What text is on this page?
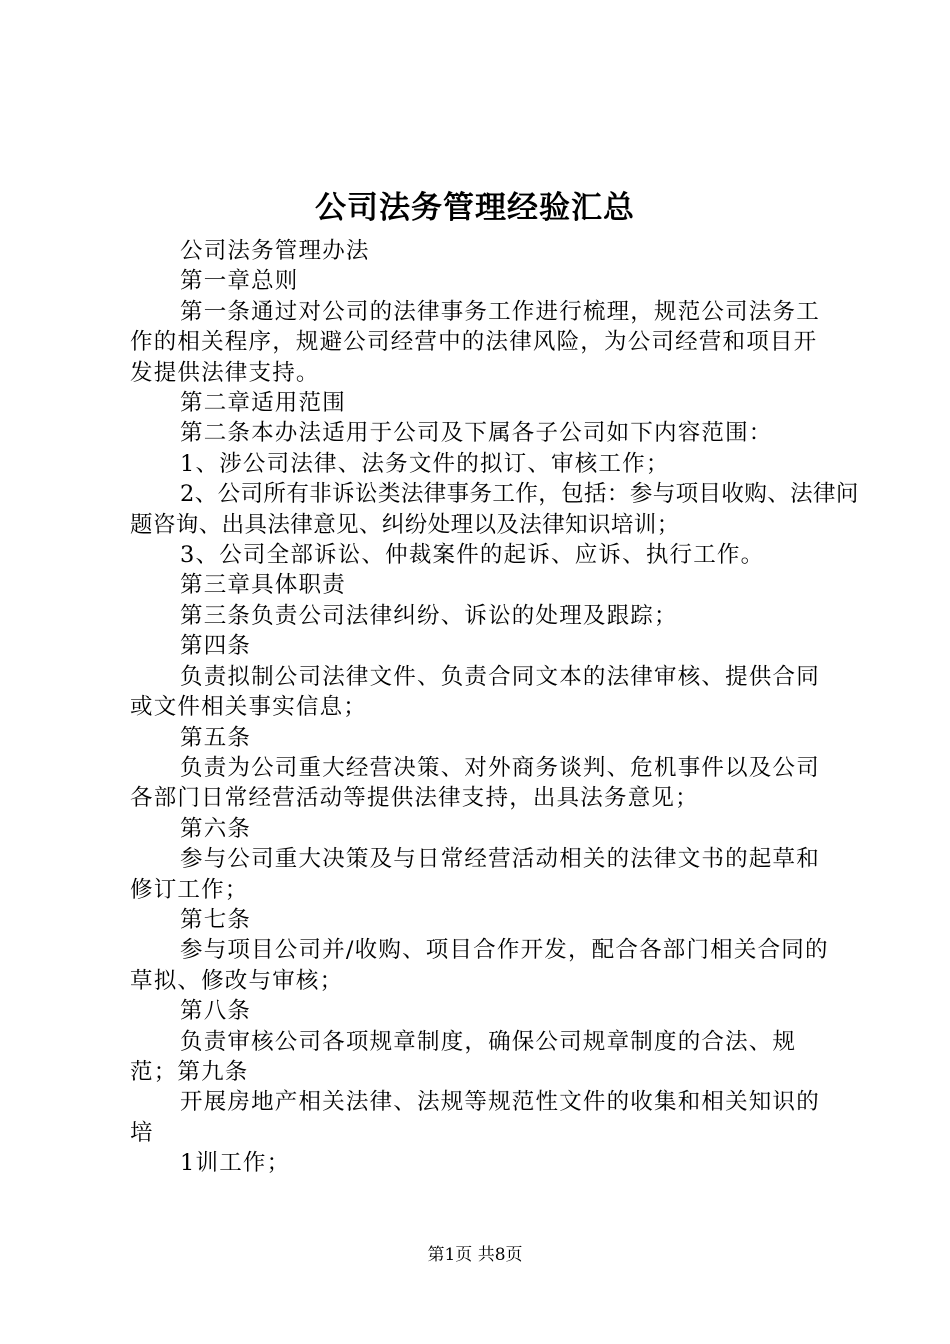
公司法务管理经验汇总

公司法务管理办法

第一章总则

第一条通过对公司的法律事务工作进行梳理，规范公司法务工作的相关程序，规避公司经营中的法律风险，为公司经营和项目开发提供法律支持。

第二章适用范围

第二条本办法适用于公司及下属各子公司如下内容范围：

1、涉公司法律、法务文件的拟订、审核工作；

2、公司所有非诉讼类法律事务工作，包括：参与项目收购、法律问题咨询、出具法律意见、纠纷处理以及法律知识培训；

3、公司全部诉讼、仲裁案件的起诉、应诉、执行工作。

第三章具体职责

第三条负责公司法律纠纷、诉讼的处理及跟踪；

第四条

负责拟制公司法律文件、负责合同文本的法律审核、提供合同或文件相关事实信息；

第五条

负责为公司重大经营决策、对外商务谈判、危机事件以及公司各部门日常经营活动等提供法律支持，出具法务意见；

第六条

参与公司重大决策及与日常经营活动相关的法律文书的起草和修订工作；

第七条

参与项目公司并/收购、项目合作开发，配合各部门相关合同的草拟、修改与审核；

第八条

负责审核公司各项规章制度，确保公司规章制度的合法、规范；第九条

开展房地产相关法律、法规等规范性文件的收集和相关知识的培

1训工作；

第1页 共8页
